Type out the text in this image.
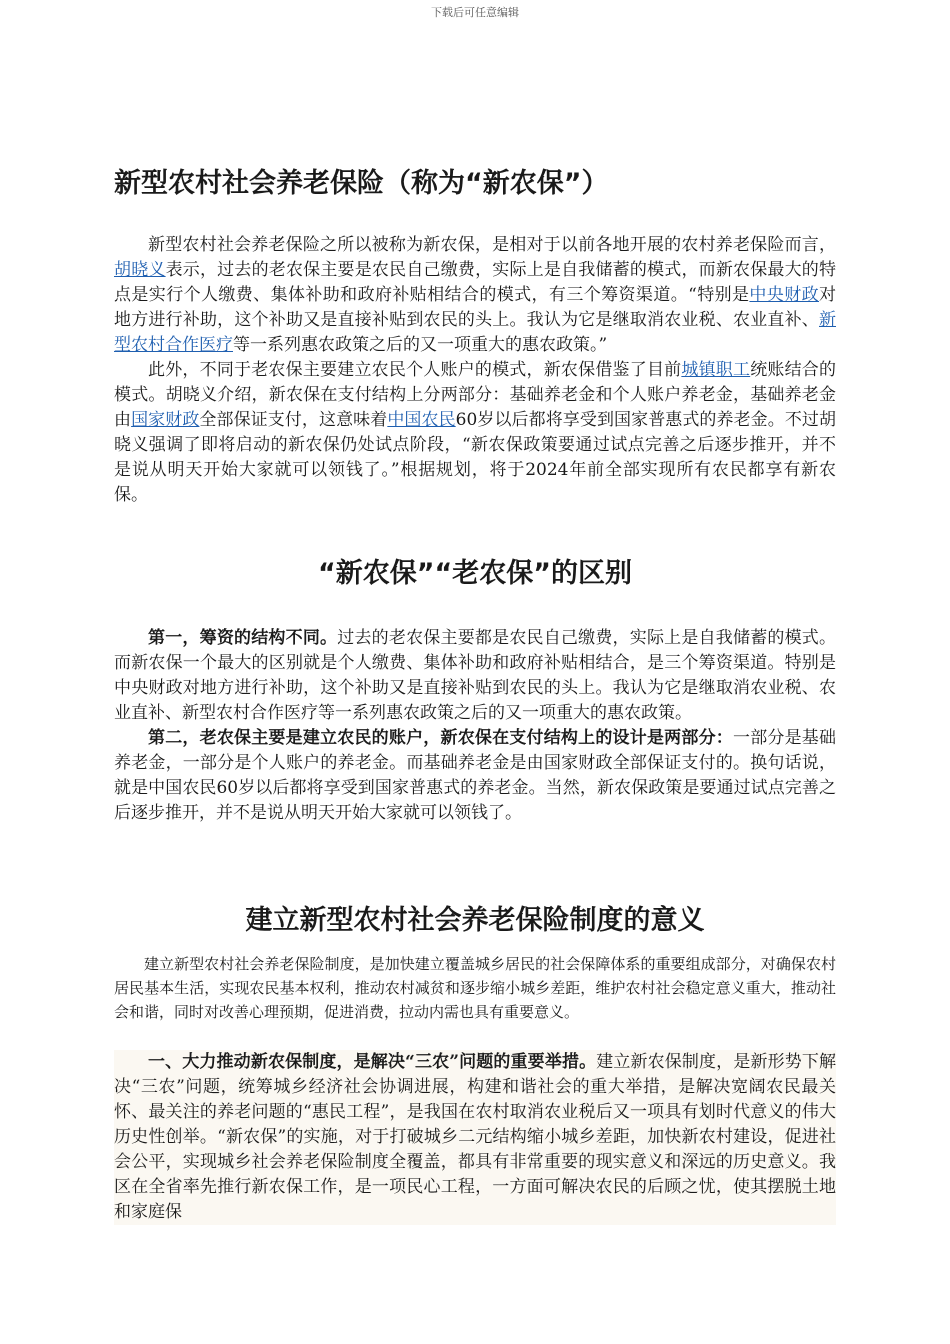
下载后可任意编辑
新型农村社会养老保险（称为“新农保”）

新型农村社会养老保险之所以被称为新农保，是相对于以前各地开展的农村养老保险而言，胡晓义表示，过去的老农保主要是农民自己缴费，实际上是自我储蓄的模式，而新农保最大的特点是实行个人缴费、集体补助和政府补贴相结合的模式，有三个筹资渠道。“特别是中央财政对地方进行补助，这个补助又是直接补贴到农民的头上。我认为它是继取消农业税、农业直补、新型农村合作医疗等一系列惠农政策之后的又一项重大的惠农政策。”

此外，不同于老农保主要建立农民个人账户的模式，新农保借鉴了目前城镇职工统账结合的模式。胡晓义介绍，新农保在支付结构上分两部分：基础养老金和个人账户养老金，基础养老金由国家财政全部保证支付，这意味着中国农民60岁以后都将享受到国家普惠式的养老金。不过胡晓义强调了即将启动的新农保仍处试点阶段，“新农保政策要通过试点完善之后逐步推开，并不是说从明天开始大家就可以领钱了。”根据规划，将于2024年前全部实现所有农民都享有新农保。

“新农保”“老农保”的区别

第一，筹资的结构不同。过去的老农保主要都是农民自己缴费，实际上是自我储蓄的模式。而新农保一个最大的区别就是个人缴费、集体补助和政府补贴相结合，是三个筹资渠道。特别是中央财政对地方进行补助，这个补助又是直接补贴到农民的头上。我认为它是继取消农业税、农业直补、新型农村合作医疗等一系列惠农政策之后的又一项重大的惠农政策。

第二，老农保主要是建立农民的账户，新农保在支付结构上的设计是两部分：一部分是基础养老金，一部分是个人账户的养老金。而基础养老金是由国家财政全部保证支付的。换句话说，就是中国农民60岁以后都将享受到国家普惠式的养老金。当然，新农保政策是要通过试点完善之后逐步推开，并不是说从明天开始大家就可以领钱了。

建立新型农村社会养老保险制度的意义

建立新型农村社会养老保险制度，是加快建立覆盖城乡居民的社会保障体系的重要组成部分，对确保农村居民基本生活，实现农民基本权利，推动农村减贫和逐步缩小城乡差距，维护农村社会稳定意义重大，推动社会和谐，同时对改善心理预期，促进消费，拉动内需也具有重要意义。

一、大力推动新农保制度，是解决“三农”问题的重要举措。建立新农保制度，是新形势下解决“三农”问题，统筹城乡经济社会协调进展，构建和谐社会的重大举措，是解决宽阔农民最关怀、最关注的养老问题的“惠民工程”，是我国在农村取消农业税后又一项具有划时代意义的伟大历史性创举。“新农保”的实施，对于打破城乡二元结构缩小城乡差距，加快新农村建设，促进社会公平，实现城乡社会养老保险制度全覆盖，都具有非常重要的现实意义和深远的历史意义。我区在全省率先推行新农保工作，是一项民心工程，一方面可解决农民的后顾之忧，使其摆脱土地和家庭保
